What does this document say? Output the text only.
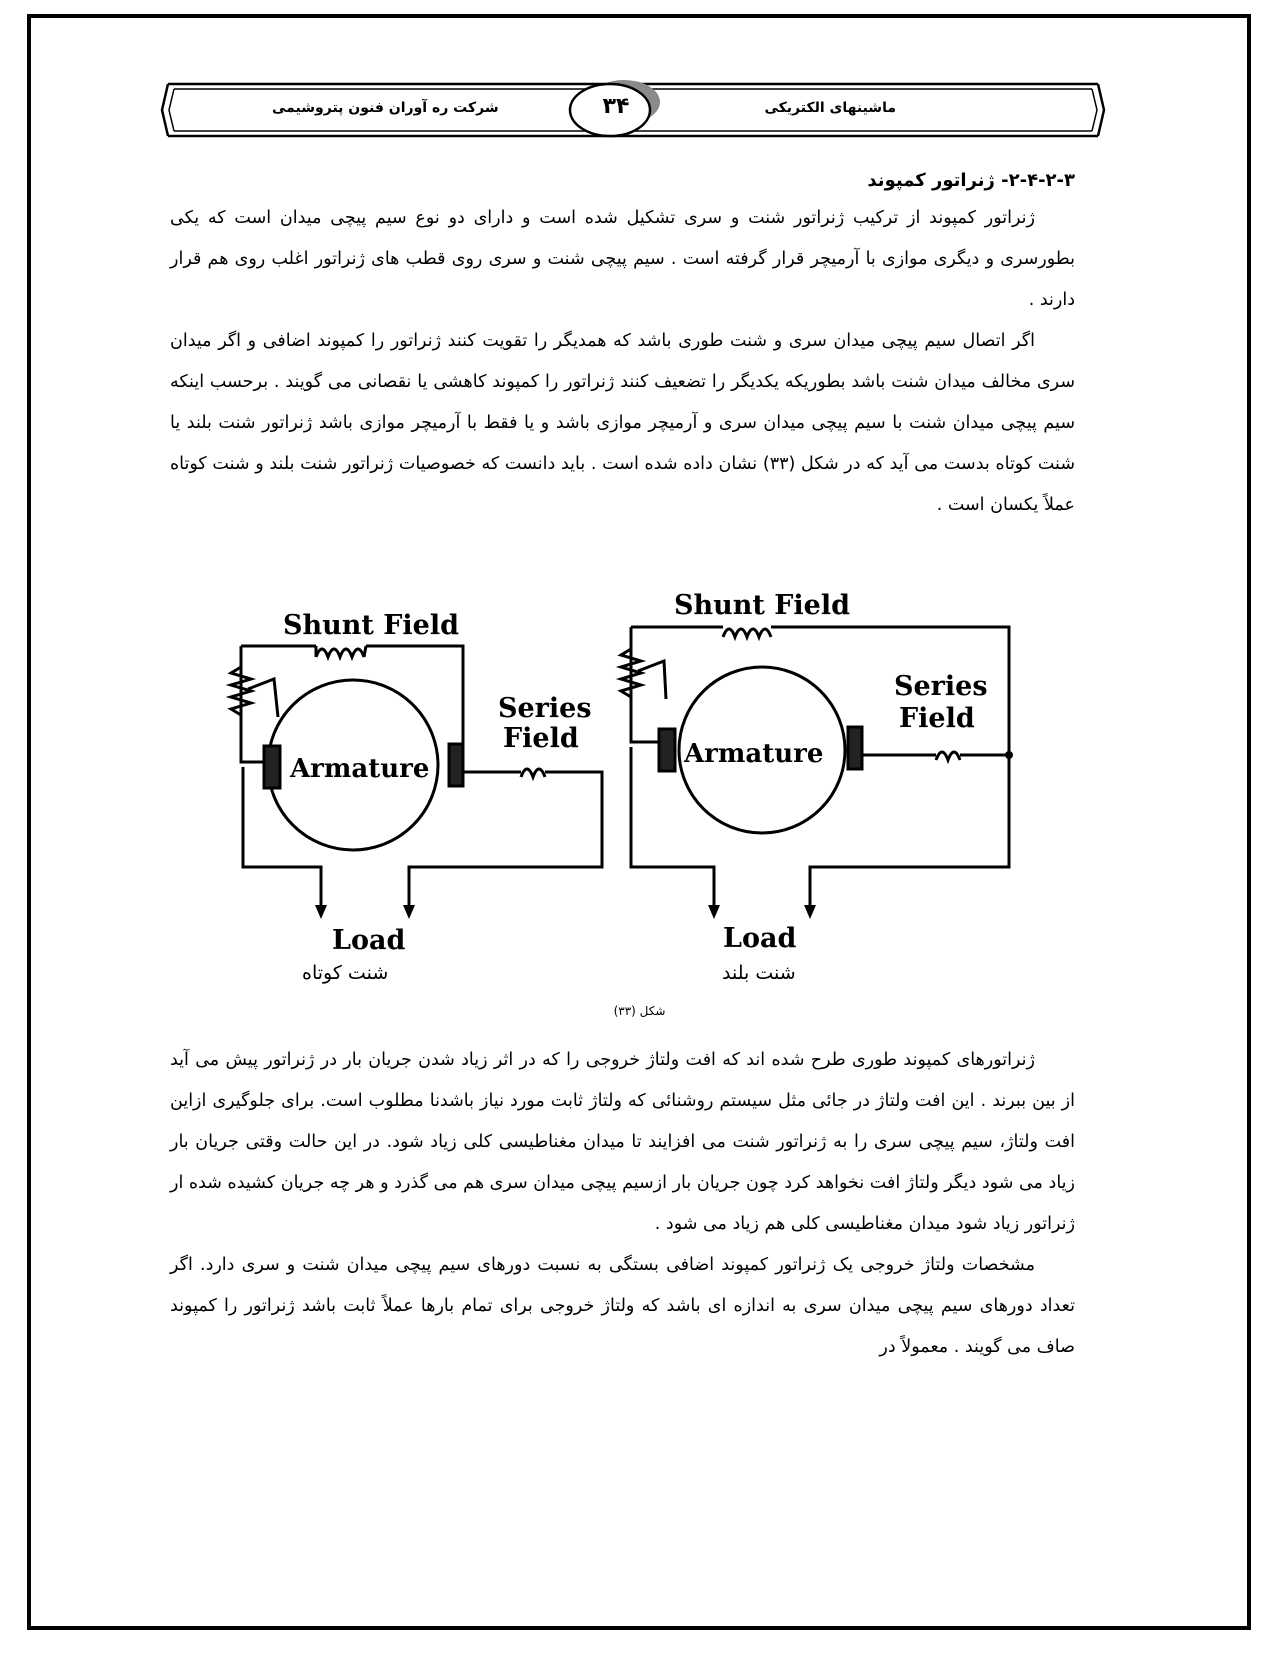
ماشینهای الکتریکی
شرکت ره آوران فنون پتروشیمی	۳۴
۲-۴-۲-۳- ژنراتور کمپوند
ژنراتور کمپوند از ترکیب ژنراتور شنت و سری تشکیل شده است و دارای دو نوع سیم پیچی میدان است که یکی بطورسری و دیگری موازی با آرمیچر قرار گرفته است . سیم پیچی شنت و سری روی قطب های ژنراتور اغلب روی هم قرار دارند .
اگر اتصال سیم پیچی میدان سری و شنت طوری باشد که همدیگر را تقویت کنند ژنراتور را کمپوند اضافی و اگر میدان سری مخالف میدان شنت باشد بطوریکه یکدیگر را تضعیف کنند ژنراتور را کمپوند کاهشی یا نقصانی می گویند . برحسب اینکه سیم پیچی میدان شنت با سیم پیچی میدان سری و آرمیچر موازی باشد و یا فقط با آرمیچر موازی باشد ژنراتور شنت بلند یا شنت کوتاه بدست می آید که در شکل (۳۳) نشان داده شده است . باید دانست که خصوصیات ژنراتور شنت بلند و شنت کوتاه عملاً یکسان است .
Shunt Field
Series
Field
Armature
Load
Shunt Field
Series
Field
Armature
Load
شنت کوتاه	شنت بلند
شکل (۳۳)
ژنراتورهای کمپوند طوری طرح شده اند که افت ولتاژ خروجی را که در اثر زیاد شدن جریان بار در ژنراتور پیش می آید از بین ببرند . این افت ولتاژ در جائی مثل سیستم روشنائی که ولتاژ ثابت مورد نیاز باشدنا مطلوب است. برای جلوگیری ازاین افت ولتاژ، سیم پیچی سری را به ژنراتور شنت می افزایند تا میدان مغناطیسی کلی زیاد شود. در این حالت وقتی جریان بار زیاد می شود دیگر ولتاژ افت نخواهد کرد چون جریان بار ازسیم پیچی میدان سری هم می گذرد و هر چه جریان کشیده شده ار ژنراتور زیاد شود میدان مغناطیسی کلی هم زیاد می شود .
مشخصات ولتاژ خروجی یک ژنراتور کمپوند اضافی بستگی به نسبت دورهای سیم پیچی میدان شنت و سری دارد. اگر تعداد دورهای سیم پیچی میدان سری به اندازه ای باشد که ولتاژ خروجی برای تمام بارها عملاً ثابت باشد ژنراتور را کمپوند صاف می گویند . معمولاً در
